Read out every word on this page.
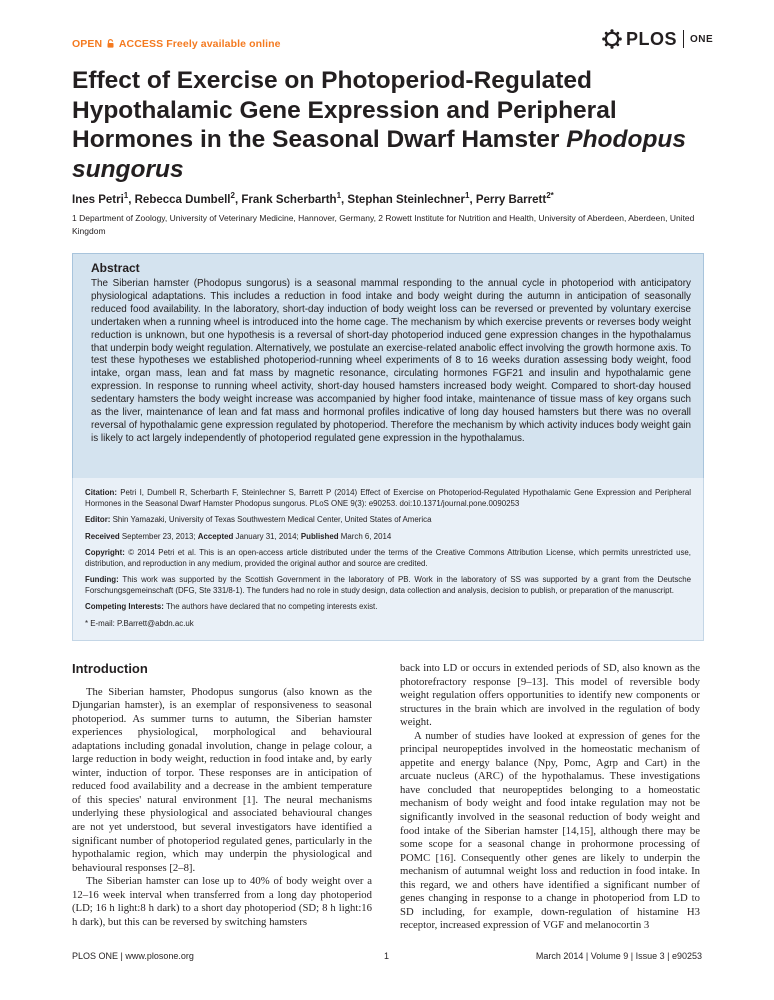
OPEN ACCESS Freely available online	PLOS ONE
Effect of Exercise on Photoperiod-Regulated Hypothalamic Gene Expression and Peripheral Hormones in the Seasonal Dwarf Hamster Phodopus sungorus
Ines Petri$^1$, Rebecca Dumbell$^2$, Frank Scherbarth$^1$, Stephan Steinlechner$^1$, Perry Barrett$^{2*}$
1 Department of Zoology, University of Veterinary Medicine, Hannover, Germany, 2 Rowett Institute for Nutrition and Health, University of Aberdeen, Aberdeen, United Kingdom
Abstract

The Siberian hamster (Phodopus sungorus) is a seasonal mammal responding to the annual cycle in photoperiod with anticipatory physiological adaptations. This includes a reduction in food intake and body weight during the autumn in anticipation of seasonally reduced food availability. In the laboratory, short-day induction of body weight loss can be reversed or prevented by voluntary exercise undertaken when a running wheel is introduced into the home cage. The mechanism by which exercise prevents or reverses body weight reduction is unknown, but one hypothesis is a reversal of short-day photoperiod induced gene expression changes in the hypothalamus that underpin body weight regulation. Alternatively, we postulate an exercise-related anabolic effect involving the growth hormone axis. To test these hypotheses we established photoperiod-running wheel experiments of 8 to 16 weeks duration assessing body weight, food intake, organ mass, lean and fat mass by magnetic resonance, circulating hormones FGF21 and insulin and hypothalamic gene expression. In response to running wheel activity, short-day housed hamsters increased body weight. Compared to short-day housed sedentary hamsters the body weight increase was accompanied by higher food intake, maintenance of tissue mass of key organs such as the liver, maintenance of lean and fat mass and hormonal profiles indicative of long day housed hamsters but there was no overall reversal of hypothalamic gene expression regulated by photoperiod. Therefore the mechanism by which activity induces body weight gain is likely to act largely independently of photoperiod regulated gene expression in the hypothalamus.

Citation: Petri I, Dumbell R, Scherbarth F, Steinlechner S, Barrett P (2014) Effect of Exercise on Photoperiod-Regulated Hypothalamic Gene Expression and Peripheral Hormones in the Seasonal Dwarf Hamster Phodopus sungorus. PLoS ONE 9(3): e90253. doi:10.1371/journal.pone.0090253

Editor: Shin Yamazaki, University of Texas Southwestern Medical Center, United States of America

Received September 23, 2013; Accepted January 31, 2014; Published March 6, 2014

Copyright: © 2014 Petri et al. This is an open-access article distributed under the terms of the Creative Commons Attribution License, which permits unrestricted use, distribution, and reproduction in any medium, provided the original author and source are credited.

Funding: This work was supported by the Scottish Government in the laboratory of PB. Work in the laboratory of SS was supported by a grant from the Deutsche Forschungsgemeinschaft (DFG, Ste 331/8-1). The funders had no role in study design, data collection and analysis, decision to publish, or preparation of the manuscript.

Competing Interests: The authors have declared that no competing interests exist.

* E-mail: P.Barrett@abdn.ac.uk

Introduction

The Siberian hamster, Phodopus sungorus (also known as the Djungarian hamster), is an exemplar of responsiveness to seasonal photoperiod. As summer turns to autumn, the Siberian hamster experiences physiological, morphological and behavioural adaptations including gonadal involution, change in pelage colour, a large reduction in body weight, reduction in food intake and, by early winter, induction of torpor. These responses are in anticipation of reduced food availability and a decrease in the ambient temperature of this species' natural environment [1]. The neural mechanisms underlying these physiological and associated behavioural changes are not yet understood, but several investigators have identified a significant number of photoperiod regulated genes, particularly in the hypothalamic region, which may underpin the physiological and behavioural responses [2–8].

The Siberian hamster can lose up to 40% of body weight over a 12–16 week interval when transferred from a long day photoperiod (LD; 16 h light:8 h dark) to a short day photoperiod (SD; 8 h light:16 h dark), but this can be reversed by switching hamsters

back into LD or occurs in extended periods of SD, also known as the photorefractory response [9–13]. This model of reversible body weight regulation offers opportunities to identify new components or structures in the brain which are involved in the regulation of body weight.

A number of studies have looked at expression of genes for the principal neuropeptides involved in the homeostatic mechanism of appetite and energy balance (Npy, Pomc, Agrp and Cart) in the arcuate nucleus (ARC) of the hypothalamus. These investigations have concluded that neuropeptides belonging to a homeostatic mechanism of body weight and food intake regulation may not be significantly involved in the seasonal reduction of body weight and food intake of the Siberian hamster [14,15], although there may be some scope for a seasonal change in prohormone processing of POMC [16]. Consequently other genes are likely to underpin the mechanism of autumnal weight loss and reduction in food intake. In this regard, we and others have identified a significant number of genes changing in response to a change in photoperiod from LD to SD including, for example, down-regulation of histamine H3 receptor, increased expression of VGF and melanocortin 3

PLOS ONE | www.plosone.org	1	March 2014 | Volume 9 | Issue 3 | e90253
